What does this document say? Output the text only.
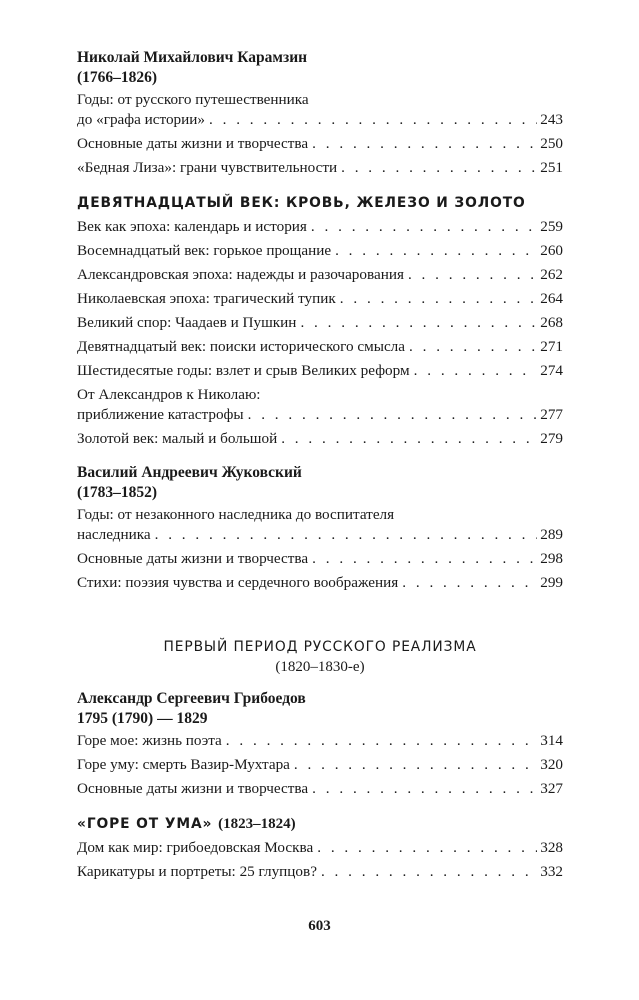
Николай Михайлович Карамзин
(1766–1826)
Годы: от русского путешественника
до «графа истории» . . .	243
Основные даты жизни и творчества . . .	250
«Бедная Лиза»: грани чувствительности . . .	251
ДЕВЯТНАДЦАТЫЙ ВЕК: КРОВЬ, ЖЕЛЕЗО И ЗОЛОТО
Век как эпоха: календарь и история . . .	259
Восемнадцатый век: горькое прощание . . .	260
Александровская эпоха: надежды и разочарования . . .	262
Николаевская эпоха: трагический тупик . . .	264
Великий спор: Чаадаев и Пушкин . . .	268
Девятнадцатый век: поиски исторического смысла . . .	271
Шестидесятые годы: взлет и срыв Великих реформ . . .	274
От Александров к Николаю:
приближение катастрофы . . .	277
Золотой век: малый и большой . . .	279
Василий Андреевич Жуковский
(1783–1852)
Годы: от незаконного наследника до воспитателя
наследника . . .	289
Основные даты жизни и творчества . . .	298
Стихи: поэзия чувства и сердечного воображения . . .	299
ПЕРВЫЙ ПЕРИОД РУССКОГО РЕАЛИЗМА
(1820–1830-е)
Александр Сергеевич Грибоедов
1795 (1790) — 1829
Горе мое: жизнь поэта . . .	314
Горе уму: смерть Вазир-Мухтара . . .	320
Основные даты жизни и творчества . . .	327
«ГОРЕ ОТ УМА» (1823–1824)
Дом как мир: грибоедовская Москва . . .	328
Карикатуры и портреты: 25 глупцов? . . .	332
603
